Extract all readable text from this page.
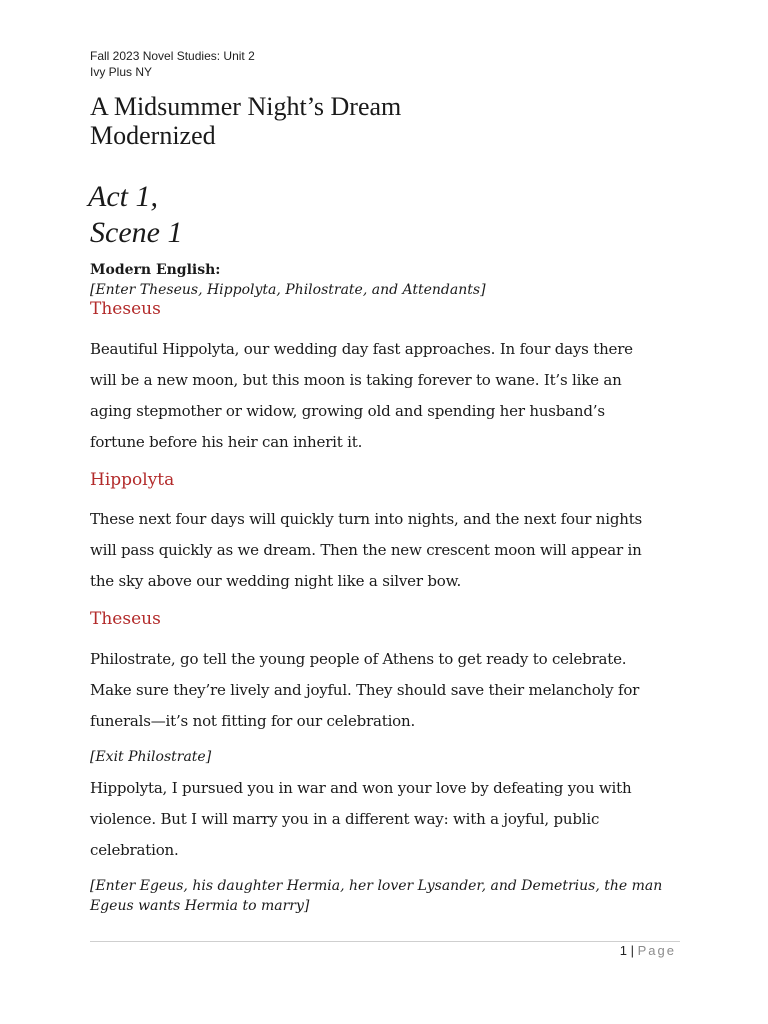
Fall 2023 Novel Studies: Unit 2
Ivy Plus NY
A Midsummer Night’s Dream
Modernized
Act 1,
Scene 1
Modern English:
[Enter Theseus, Hippolyta, Philostrate, and Attendants]
Theseus
Beautiful Hippolyta, our wedding day fast approaches. In four days there
will be a new moon, but this moon is taking forever to wane. It’s like an
aging stepmother or widow, growing old and spending her husband’s
fortune before his heir can inherit it.
Hippolyta
These next four days will quickly turn into nights, and the next four nights
will pass quickly as we dream. Then the new crescent moon will appear in
the sky above our wedding night like a silver bow.
Theseus
Philostrate, go tell the young people of Athens to get ready to celebrate.
Make sure they’re lively and joyful. They should save their melancholy for
funerals—it’s not fitting for our celebration.
[Exit Philostrate]
Hippolyta, I pursued you in war and won your love by defeating you with
violence. But I will marry you in a different way: with a joyful, public
celebration.
[Enter Egeus, his daughter Hermia, her lover Lysander, and Demetrius, the man
Egeus wants Hermia to marry]
1 | Page
